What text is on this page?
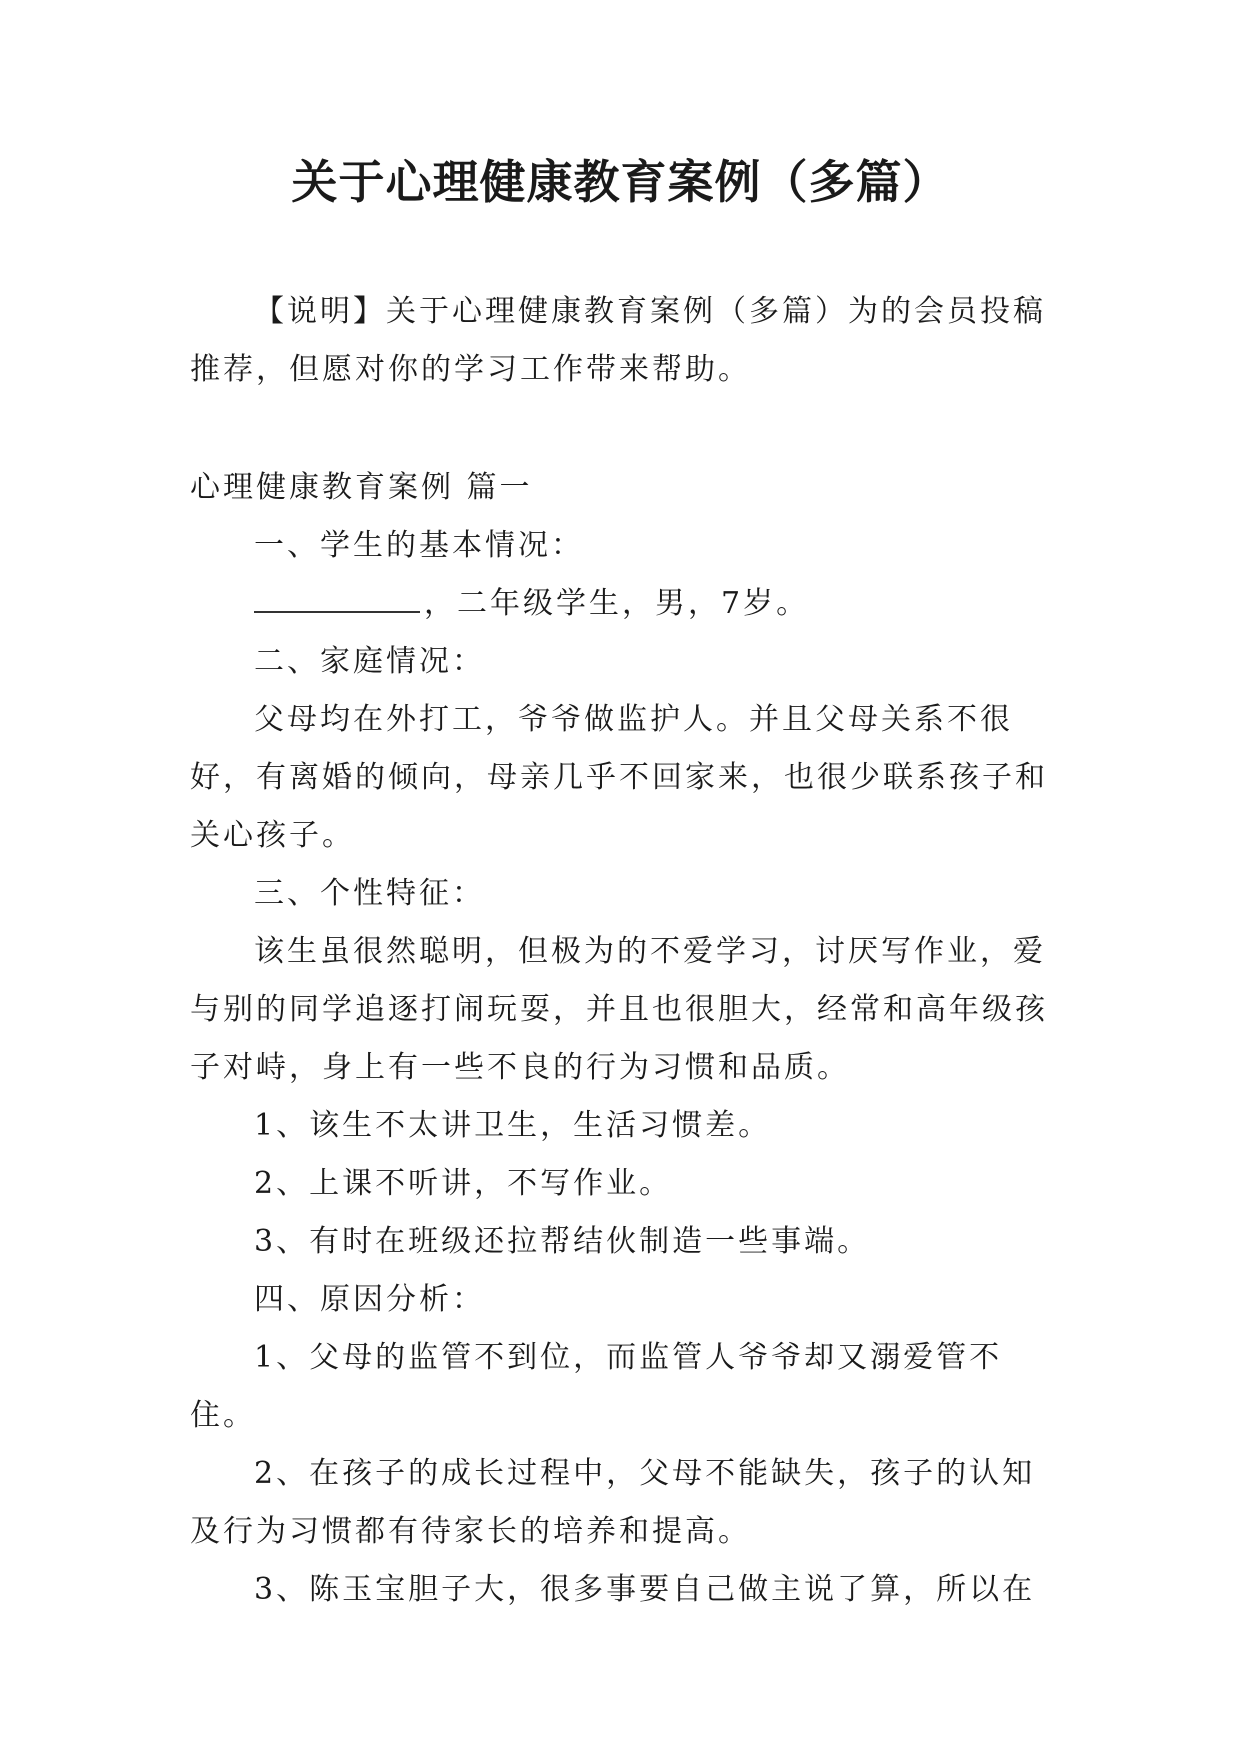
关于心理健康教育案例（多篇）

【说明】关于心理健康教育案例（多篇）为的会员投稿推荐，但愿对你的学习工作带来帮助。

心理健康教育案例 篇一

一、学生的基本情况：

，二年级学生，男，7岁。

二、家庭情况：

父母均在外打工，爷爷做监护人。并且父母关系不很好，有离婚的倾向，母亲几乎不回家来，也很少联系孩子和关心孩子。

三、个性特征：

该生虽很然聪明，但极为的不爱学习，讨厌写作业，爱与别的同学追逐打闹玩耍，并且也很胆大，经常和高年级孩子对峙，身上有一些不良的行为习惯和品质。

1、该生不太讲卫生，生活习惯差。

2、上课不听讲，不写作业。

3、有时在班级还拉帮结伙制造一些事端。

四、原因分析：

1、父母的监管不到位，而监管人爷爷却又溺爱管不住。

2、在孩子的成长过程中，父母不能缺失，孩子的认知及行为习惯都有待家长的培养和提高。

3、陈玉宝胆子大，很多事要自己做主说了算，所以在
